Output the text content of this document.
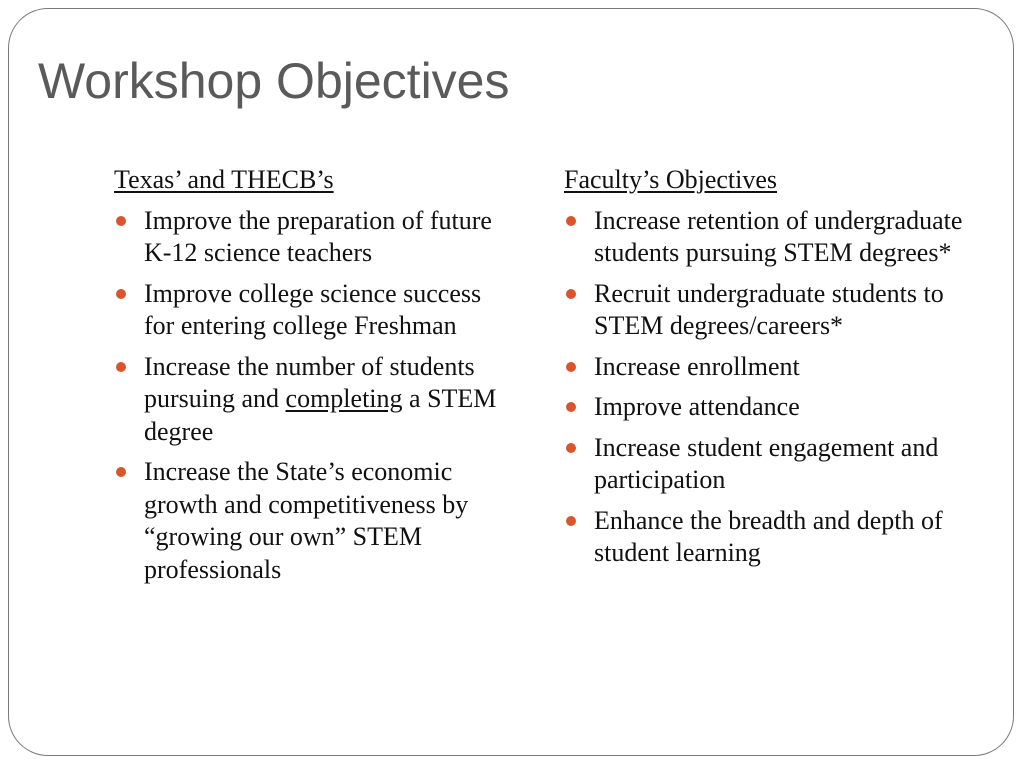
Workshop Objectives
Texas’ and THECB’s
Improve the preparation of future K-12 science teachers
Improve college science success for entering college Freshman
Increase the number of students pursuing and completing a STEM degree
Increase the State’s economic growth and competitiveness by “growing our own” STEM professionals
Faculty’s Objectives
Increase retention of undergraduate students pursuing STEM degrees*
Recruit undergraduate students to STEM degrees/careers*
Increase enrollment
Improve attendance
Increase student engagement and participation
Enhance the breadth and depth of student learning
